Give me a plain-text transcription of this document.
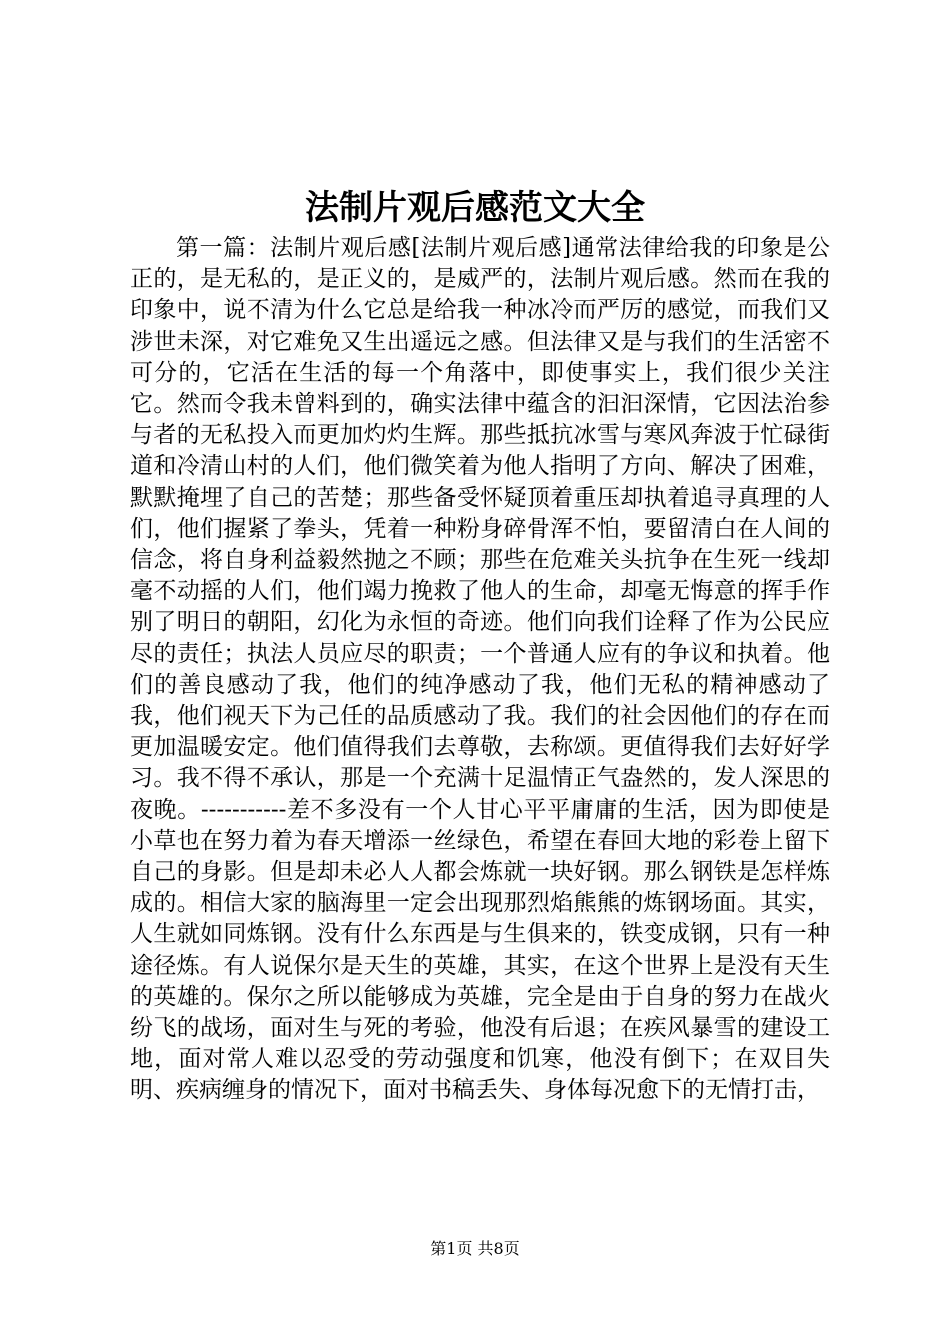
法制片观后感范文大全

第一篇：法制片观后感[法制片观后感]通常法律给我的印象是公正的，是无私的，是正义的，是威严的，法制片观后感。然而在我的印象中，说不清为什么它总是给我一种冰冷而严厉的感觉，而我们又涉世未深，对它难免又生出遥远之感。但法律又是与我们的生活密不可分的，它活在生活的每一个角落中，即使事实上，我们很少关注它。然而令我未曾料到的，确实法律中蕴含的汩汩深情，它因法治参与者的无私投入而更加灼灼生辉。那些抵抗冰雪与寒风奔波于忙碌街道和冷清山村的人们，他们微笑着为他人指明了方向、解决了困难，默默掩埋了自己的苦楚；那些备受怀疑顶着重压却执着追寻真理的人们，他们握紧了拳头，凭着一种粉身碎骨浑不怕，要留清白在人间的信念，将自身利益毅然抛之不顾；那些在危难关头抗争在生死一线却毫不动摇的人们，他们竭力挽救了他人的生命，却毫无悔意的挥手作别了明日的朝阳，幻化为永恒的奇迹。他们向我们诠释了作为公民应尽的责任；执法人员应尽的职责；一个普通人应有的争议和执着。他们的善良感动了我，他们的纯净感动了我，他们无私的精神感动了我，他们视天下为己任的品质感动了我。我们的社会因他们的存在而更加温暖安定。他们值得我们去尊敬，去称颂。更值得我们去好好学习。我不得不承认，那是一个充满十足温情正气盎然的，发人深思的夜晚。-----------差不多没有一个人甘心平平庸庸的生活，因为即使是小草也在努力着为春天增添一丝绿色，希望在春回大地的彩卷上留下自己的身影。但是却未必人人都会炼就一块好钢。那么钢铁是怎样炼成的。相信大家的脑海里一定会出现那烈焰熊熊的炼钢场面。其实，人生就如同炼钢。没有什么东西是与生俱来的，铁变成钢，只有一种途径炼。有人说保尔是天生的英雄，其实，在这个世界上是没有天生的英雄的。保尔之所以能够成为英雄，完全是由于自身的努力在战火纷飞的战场，面对生与死的考验，他没有后退；在疾风暴雪的建设工地，面对常人难以忍受的劳动强度和饥寒，他没有倒下；在双目失明、疾病缠身的情况下，面对书稿丢失、身体每况愈下的无情打击，

第1页 共8页
